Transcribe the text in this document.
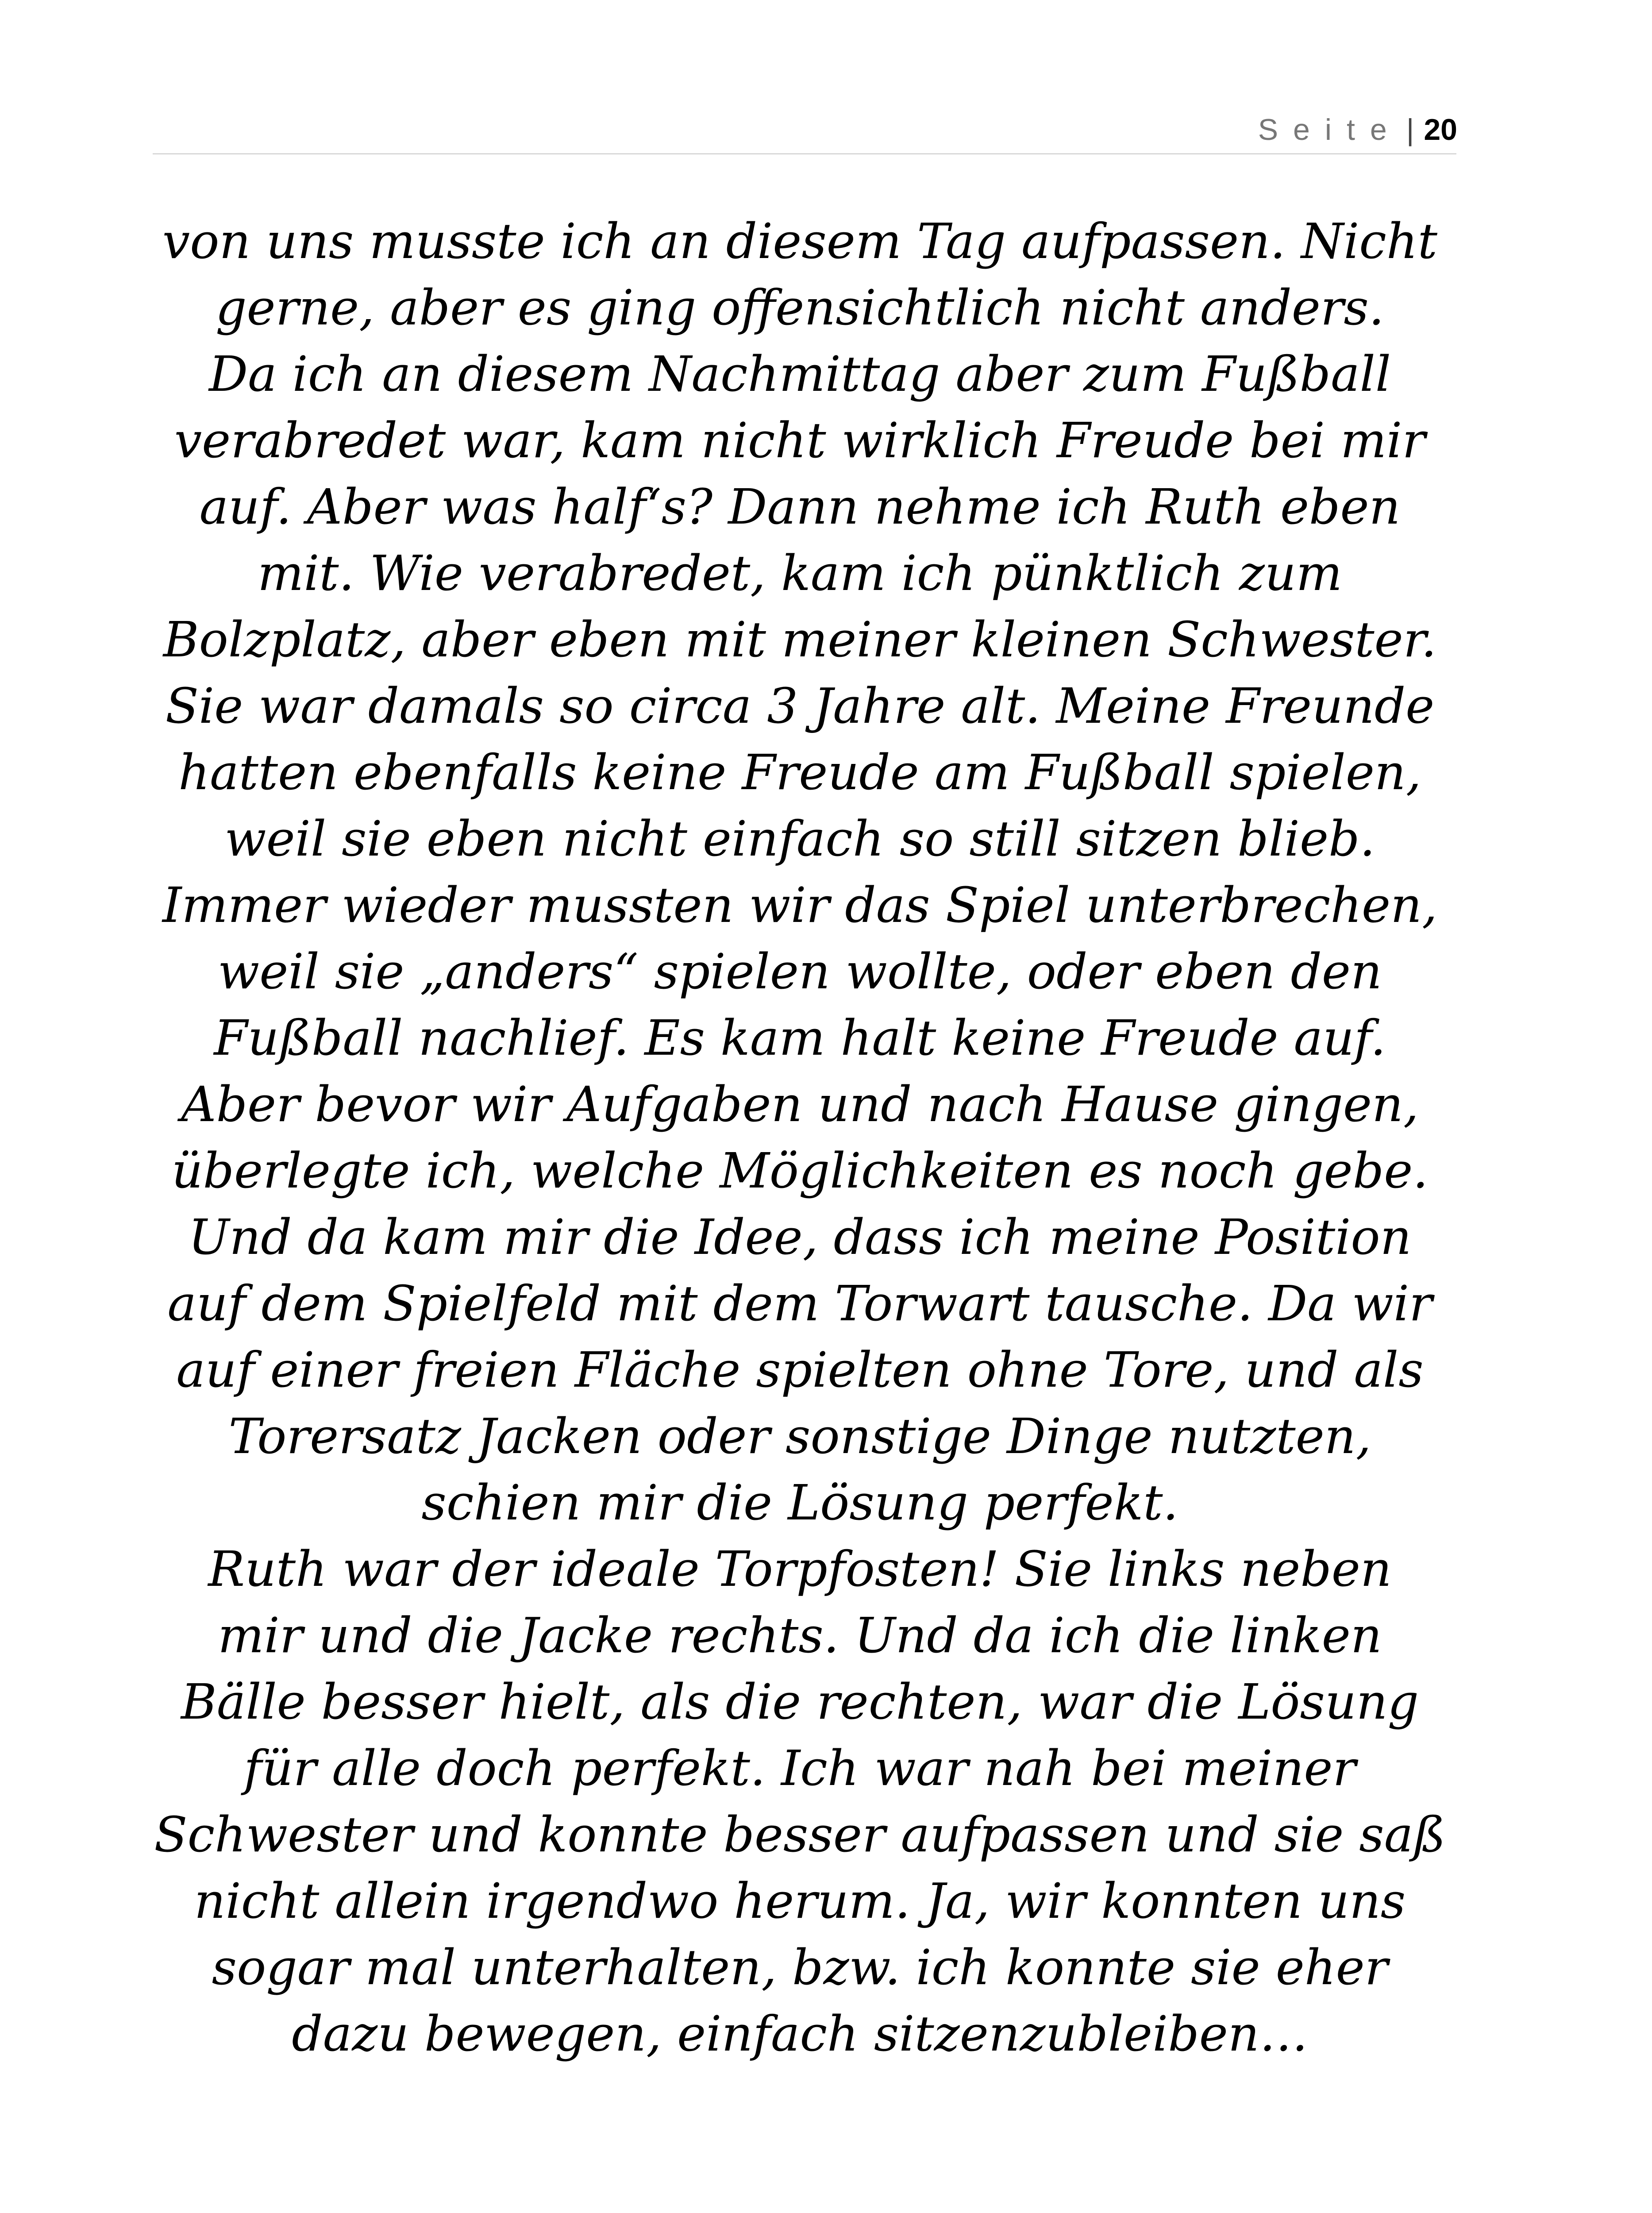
Seite | 20
von uns musste ich an diesem Tag aufpassen. Nicht
gerne, aber es ging offensichtlich nicht anders.
Da ich an diesem Nachmittag aber zum Fußball
verabredet war, kam nicht wirklich Freude bei mir
auf. Aber was half‘s? Dann nehme ich Ruth eben
mit. Wie verabredet, kam ich pünktlich zum
Bolzplatz, aber eben mit meiner kleinen Schwester.
Sie war damals so circa 3 Jahre alt. Meine Freunde
hatten ebenfalls keine Freude am Fußball spielen,
weil sie eben nicht einfach so still sitzen blieb.
Immer wieder mussten wir das Spiel unterbrechen,
weil sie „anders“ spielen wollte, oder eben den
Fußball nachlief. Es kam halt keine Freude auf.
Aber bevor wir Aufgaben und nach Hause gingen,
überlegte ich, welche Möglichkeiten es noch gebe.
Und da kam mir die Idee, dass ich meine Position
auf dem Spielfeld mit dem Torwart tausche. Da wir
auf einer freien Fläche spielten ohne Tore, und als
Torersatz Jacken oder sonstige Dinge nutzten,
schien mir die Lösung perfekt.
Ruth war der ideale Torpfosten! Sie links neben
mir und die Jacke rechts. Und da ich die linken
Bälle besser hielt, als die rechten, war die Lösung
für alle doch perfekt. Ich war nah bei meiner
Schwester und konnte besser aufpassen und sie saß
nicht allein irgendwo herum. Ja, wir konnten uns
sogar mal unterhalten, bzw. ich konnte sie eher
dazu bewegen, einfach sitzenzubleiben…
